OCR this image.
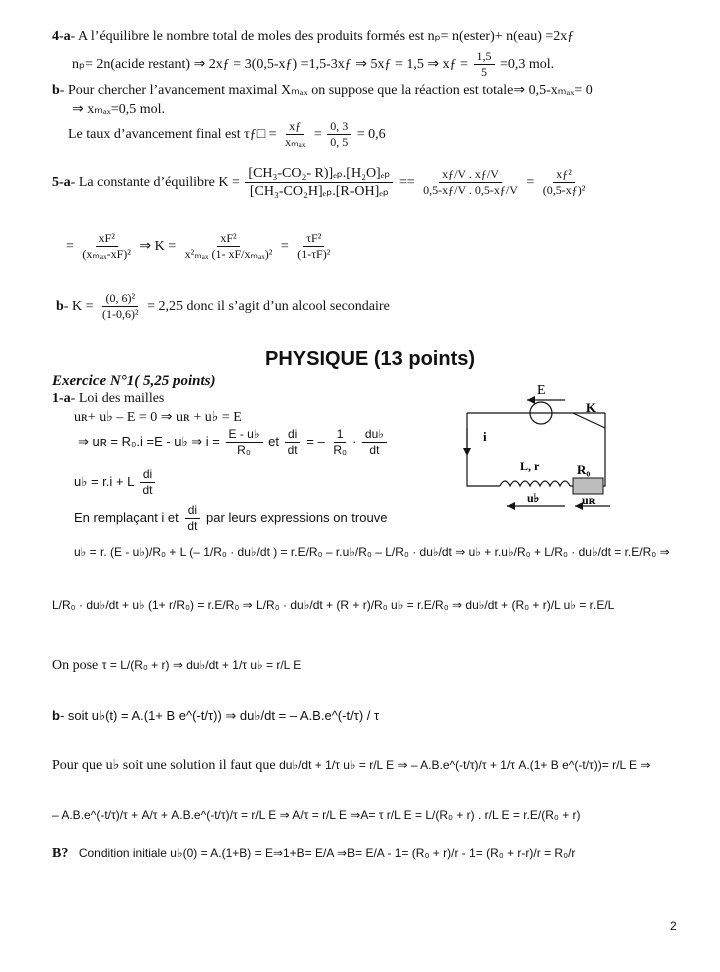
4-a- A l’équilibre le nombre total de moles des produits formés est nₚ= n(ester)+ n(eau) =2xƒ
nₚ= 2n(acide restant) ⇒ 2xƒ = 3(0,5-xƒ) =1,5-3xƒ ⇒ 5xƒ = 1,5 ⇒ xƒ = $\frac{1,5}{5} =0,3$ mol.
b- Pour chercher l’avancement maximal Xₘₐₓ on suppose que la réaction est totale⇒ 0,5-xₘₐₓ= 0
⇒ xₘₐₓ=0,5 mol.
Le taux d’avancement final est τƒ□ =
xƒ
xₘₐₓ
= $\frac{0, 3}{0, 5} = 0,6$
5-a- La constante d’équilibre $K = \frac{\text{[CH₃-CO₂- R)]ₑₚ.[H₂O]ₑₚ}}{\text{[CH₃-CO₂H]ₑₚ.[R-OH]ₑₚ}} == \frac{xƒ/V . xƒ/V}{0,5-xƒ/V . 0,5-xƒ/V} = \frac{\text{xƒ²}}{\text{(0,5-xƒ)²}}$
=
xF²
(xₘₐₓ-xF)²
⇒ K =
xF²
x²ₘₐₓ (1- xF/xₘₐₓ)²
= $\frac{\text{τF²}}{\text{(1-τF)²}}$
b- $K = \frac{\text{(0, 6)²}}{\text{(1-0,6)²}} = 2,25$ donc il s’agit d’un alcool secondaire
PHYSIQUE (13 points)
Exercice N°1( 5,25 points)
1-a- Loi des mailles
uʀ+ u♭ – E = 0 ⇒ uʀ + u♭ = E
⇒ uʀ = R₀.i =E - u♭ ⇒ $i = \frac{E - u♭}{\text{R₀}}$ et $\frac{di}{dt}$ = – $\frac{1}{\text{R₀}} \cdot \frac{du♭}{dt}$
u♭ = r.i + L $\frac{di}{dt}$
En remplaçant i et $\frac{di}{dt}$ par leurs expressions on trouve
u♭ = r. (E - u♭)/R₀ + L (– 1/R₀ · du♭/dt ) = r.E/R₀ – r.u♭/R₀ – L/R₀ · du♭/dt ⇒ u♭ + r.u♭/R₀ + L/R₀ · du♭/dt = r.E/R₀ ⇒
L/R₀ · du♭/dt + u♭ (1+ r/R₀) = r.E/R₀ ⇒ L/R₀ · du♭/dt + (R + r)/R₀ u♭ = r.E/R₀ ⇒ du♭/dt + (R₀ + r)/L u♭ = r.E/L
On pose τ = L/(R₀ + r) ⇒ du♭/dt + 1/τ u♭ = r/L E
b- soit u♭(t) = A.(1+ B e^(-t/τ)) ⇒ du♭/dt = – A.B.e^(-t/τ) / τ
Pour que u♭ soit une solution il faut que du♭/dt + 1/τ u♭ = r/L E ⇒ – A.B.e^(-t/τ)/τ + 1/τ A.(1+ B e^(-t/τ))= r/L E ⇒
– A.B.e^(-t/τ)/τ + A/τ + A.B.e^(-t/τ)/τ = r/L E ⇒ A/τ = r/L E ⇒A= τ r/L E = L/(R₀ + r) . r/L E = r.E/(R₀ + r)
B? Condition initiale u♭(0) = A.(1+B) = E⇒1+B= E/A ⇒B= E/A - 1= (R₀ + r)/r - 1= (R₀ + r-r)/r = R₀/r
E
K
i
L, r	R₀
u♭	uʀ
2
